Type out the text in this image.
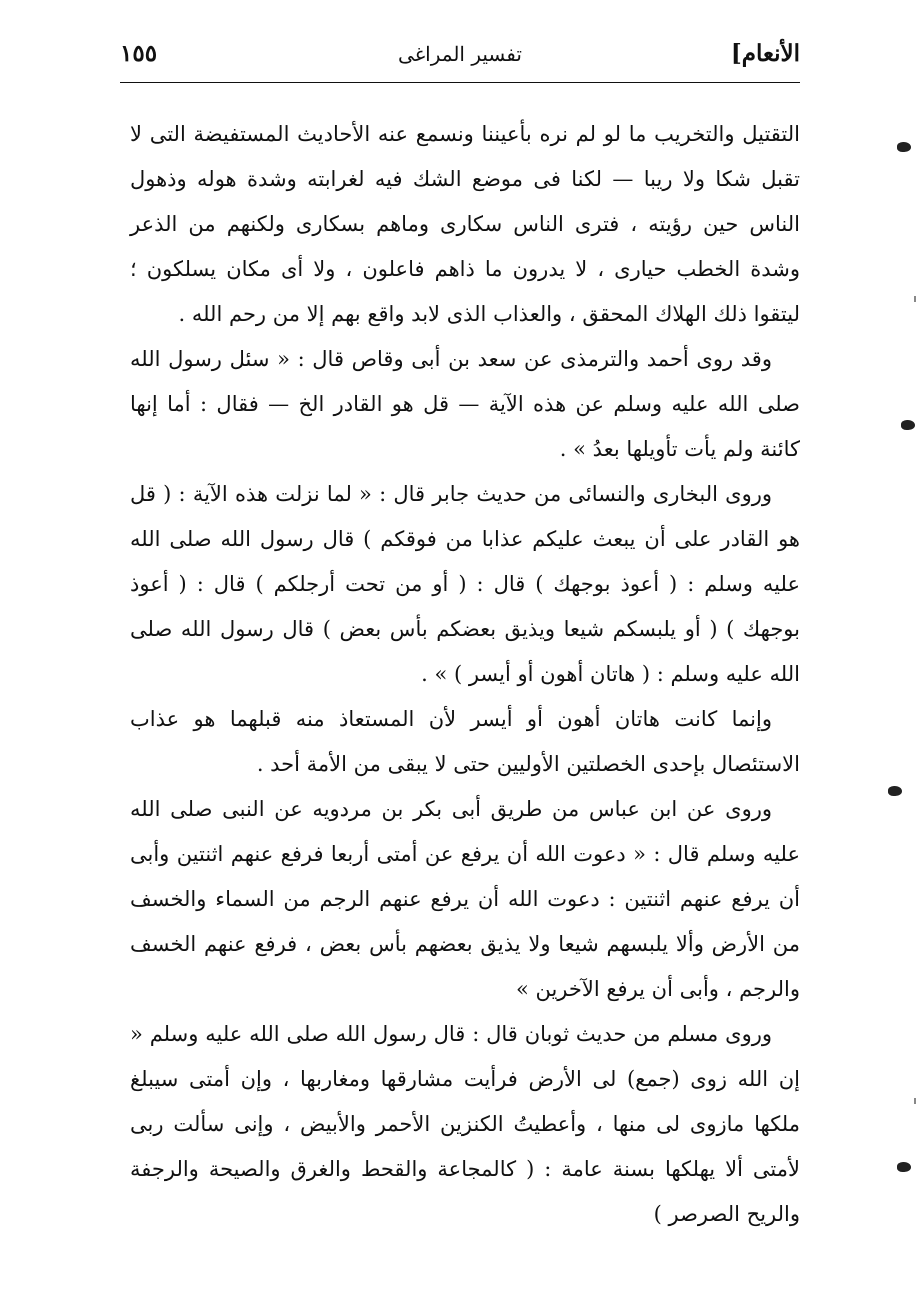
الأنعام]
تفسير المراغى
١٥٥

التقتيل والتخريب ما لو لم نره بأعيننا ونسمع عنه الأحاديث المستفيضة التى لا تقبل شكا ولا ريبا — لكنا فى موضع الشك فيه لغرابته وشدة هوله وذهول الناس حين رؤيته ، فترى الناس سكارى وماهم بسكارى ولكنهم من الذعر وشدة الخطب حيارى ، لا يدرون ما ذاهم فاعلون ، ولا أى مكان يسلكون ؛ ليتقوا ذلك الهلاك المحقق ، والعذاب الذى لابد واقع بهم إلا من رحم الله .

وقد روى أحمد والترمذى عن سعد بن أبى وقاص قال : « سئل رسول الله صلى الله عليه وسلم عن هذه الآية — قل هو القادر الخ — فقال : أما إنها كائنة ولم يأت تأويلها بعدُ » .

وروى البخارى والنسائى من حديث جابر قال : « لما نزلت هذه الآية : ( قل هو القادر على أن يبعث عليكم عذابا من فوقكم ) قال رسول الله صلى الله عليه وسلم : ( أعوذ بوجهك ) قال : ( أو من تحت أرجلكم ) قال : ( أعوذ بوجهك ) ( أو يلبسكم شيعا ويذيق بعضكم بأس بعض ) قال رسول الله صلى الله عليه وسلم : ( هاتان أهون أو أيسر ) » .

وإنما كانت هاتان أهون أو أيسر لأن المستعاذ منه قبلهما هو عذاب الاستئصال بإحدى الخصلتين الأوليين حتى لا يبقى من الأمة أحد .

وروى عن ابن عباس من طريق أبى بكر بن مردويه عن النبى صلى الله عليه وسلم قال : « دعوت الله أن يرفع عن أمتى أربعا فرفع عنهم اثنتين وأبى أن يرفع عنهم اثنتين : دعوت الله أن يرفع عنهم الرجم من السماء والخسف من الأرض وألا يلبسهم شيعا ولا يذيق بعضهم بأس بعض ، فرفع عنهم الخسف والرجم ، وأبى أن يرفع الآخرين »

وروى مسلم من حديث ثوبان قال : قال رسول الله صلى الله عليه وسلم « إن الله زوى (جمع) لى الأرض فرأيت مشارقها ومغاربها ، وإن أمتى سيبلغ ملكها مازوى لى منها ، وأعطيتُ الكنزين الأحمر والأبيض ، وإنى سألت ربى لأمتى ألا يهلكها بسنة عامة : ( كالمجاعة والقحط والغرق والصيحة والرجفة والريح الصرصر )
